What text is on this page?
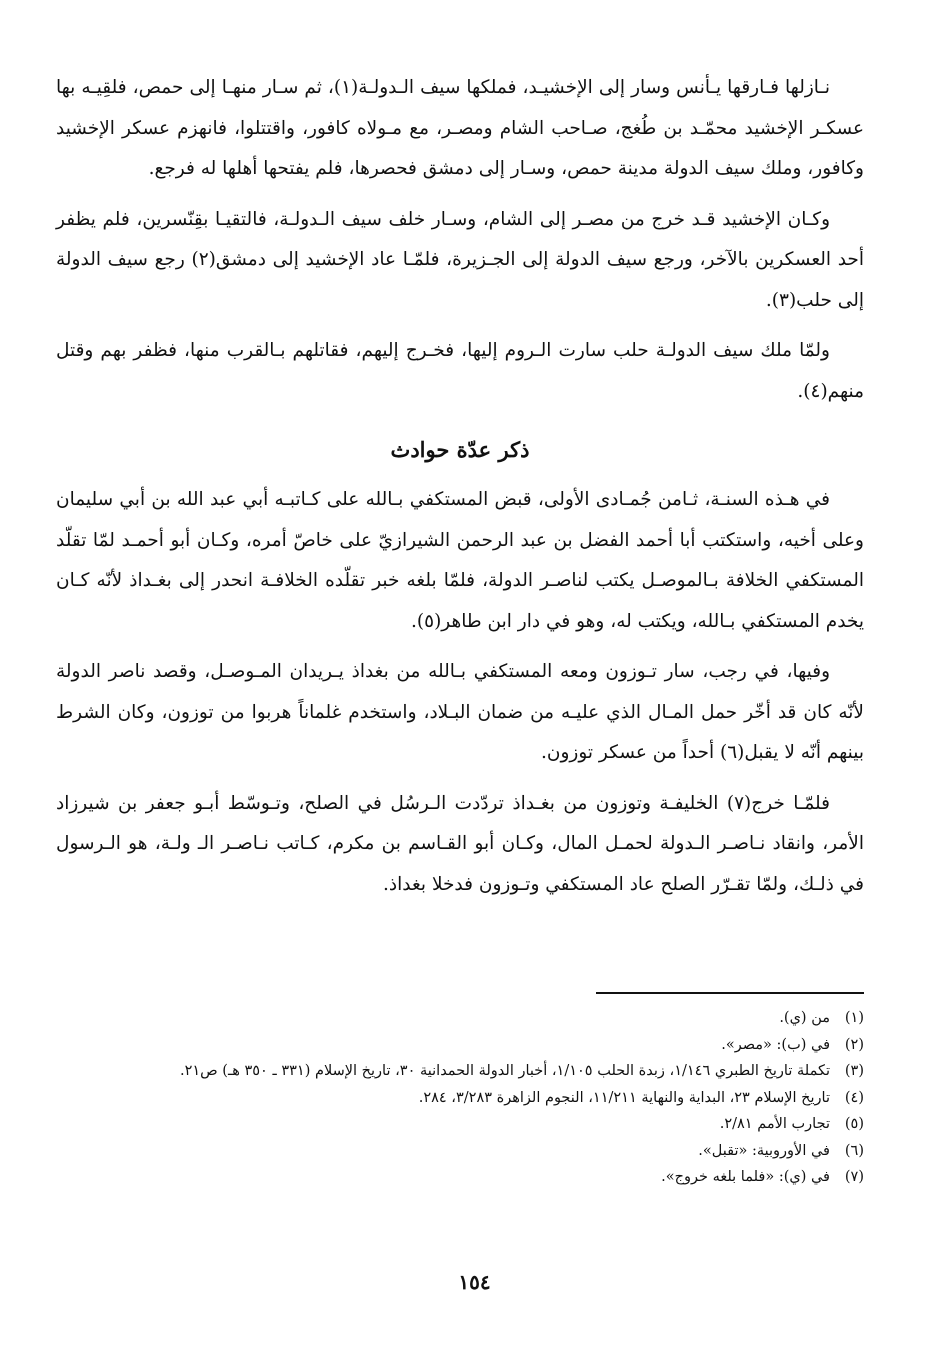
نـازلها فـارقها يـأنس وسار إلى الإخشيـد، فملكها سيف الـدولـة(١)، ثم سـار منهـا إلى حمص، فلقِيـه بها عسكـر الإخشيد محمّـد بن طُغج، صـاحب الشام ومصـر، مع مـولاه كافور، واقتتلوا، فانهزم عسكر الإخشيد وكافور، وملك سيف الدولة مدينة حمص، وسـار إلى دمشق فحصرها، فلم يفتحها أهلها له فرجع.

وكـان الإخشيد قـد خرج من مصـر إلى الشام، وسـار خلف سيف الـدولـة، فالتقيـا بقِنّسرين، فلم يظفر أحد العسكرين بالآخر، ورجع سيف الدولة إلى الجـزيرة، فلمّـا عاد الإخشيد إلى دمشق(٢) رجع سيف الدولة إلى حلب(٣).

ولمّا ملك سيف الدولـة حلب سارت الـروم إليها، فخـرج إليهم، فقاتلهم بـالقرب منها، فظفر بهم وقتل منهم(٤).

ذكر عدّة حوادث

في هـذه السنـة، ثـامن جُمـادى الأولى، قبض المستكفي بـالله على كـاتبـه أبي عبد الله بن أبي سليمان وعلى أخيه، واستكتب أبا أحمد الفضل بن عبد الرحمن الشيرازيّ على خاصّ أمره، وكـان أبو أحمـد لمّا تقلّد المستكفي الخلافة بـالموصـل يكتب لناصـر الدولة، فلمّا بلغه خبر تقلّده الخلافـة انحدر إلى بغـداذ لأنّه كـان يخدم المستكفي بـالله، ويكتب له، وهو في دار ابن طاهر(٥).

وفيها، في رجب، سار تـوزون ومعه المستكفي بـالله من بغداذ يـريدان المـوصـل، وقصد ناصر الدولة لأنّه كان قد أخّر حمل المـال الذي عليـه من ضمان البـلاد، واستخدم غلماناً هربوا من توزون، وكان الشرط بينهم أنّه لا يقبل(٦) أحداً من عسكر توزون.

فلمّـا خرج(٧) الخليفـة وتوزون من بغـداذ تردّدت الـرسُل في الصلح، وتـوسّط أبـو جعفر بن شيرزاد الأمر، وانقاد نـاصـر الـدولة لحمـل المال، وكـان أبو القـاسم بن مكرم، كـاتب نـاصـر الـ ولـة، هو الـرسول في ذلـك، ولمّا تقـرّر الصلح عاد المستكفي وتـوزون فدخلا بغداذ.

(١)
من (ي).
(٢)
في (ب): «مصر».
(٣)
تكملة تاريخ الطبري ١/١٤٦، زبدة الحلب ١/١٠٥، أخبار الدولة الحمدانية ٣٠، تاريخ الإسلام (٣٣١ ـ ٣٥٠ هـ) ص٢١.
(٤)
تاريخ الإسلام ٢٣، البداية والنهاية ١١/٢١١، النجوم الزاهرة ٣/٢٨٣، ٢٨٤.
(٥)
تجارب الأمم ٢/٨١.
(٦)
في الأوروبية: «تقبل».
(٧)
في (ي): «فلما بلغه خروج».
١٥٤
